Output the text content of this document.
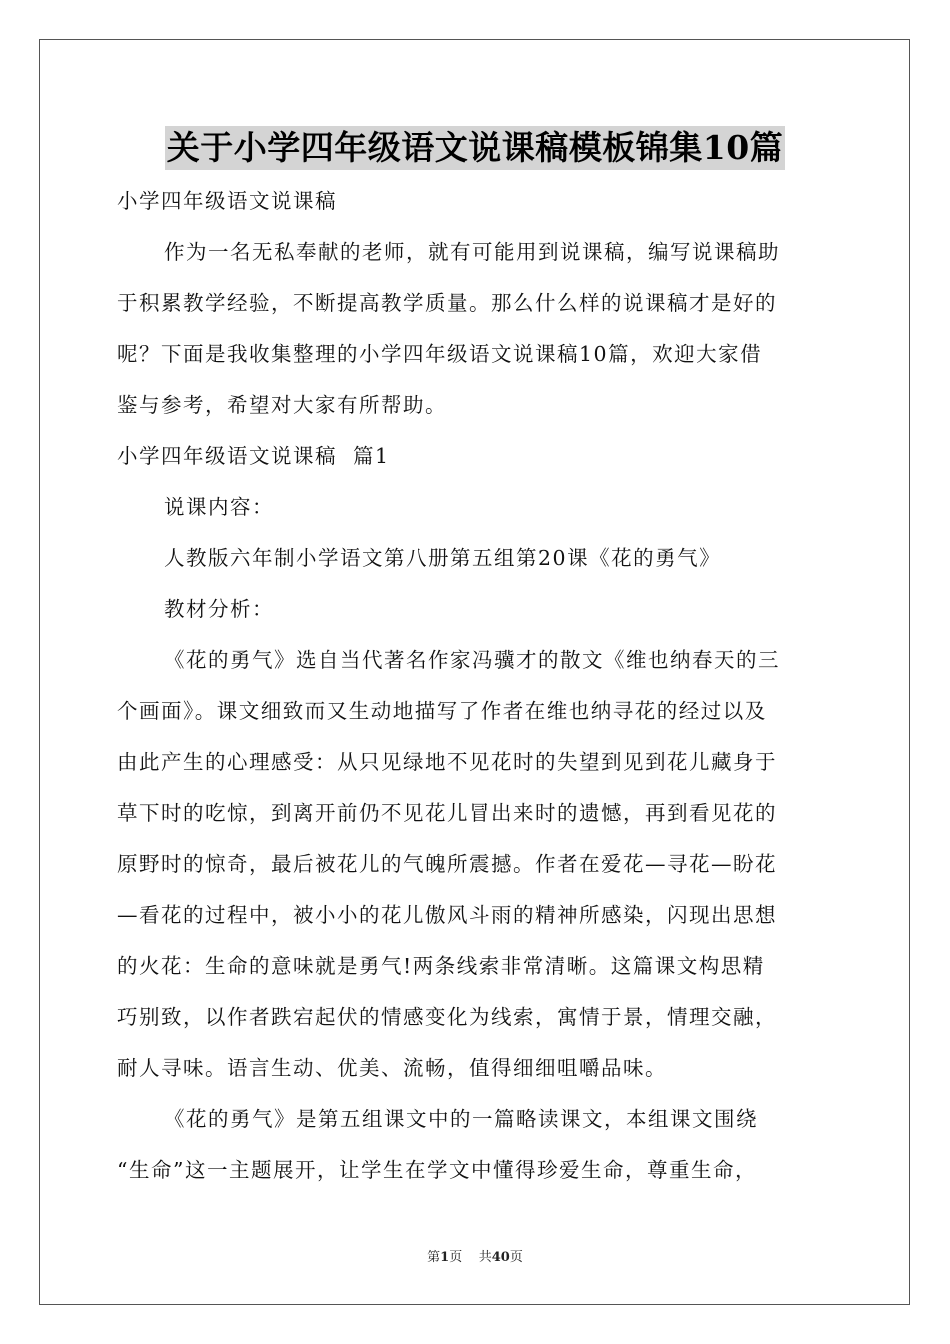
关于小学四年级语文说课稿模板锦集10篇
小学四年级语文说课稿
作为一名无私奉献的老师，就有可能用到说课稿，编写说课稿助
于积累教学经验，不断提高教学质量。那么什么样的说课稿才是好的
呢？下面是我收集整理的小学四年级语文说课稿10篇，欢迎大家借
鉴与参考，希望对大家有所帮助。
小学四年级语文说课稿  篇1
说课内容：
人教版六年制小学语文第八册第五组第20课《花的勇气》
教材分析：
《花的勇气》选自当代著名作家冯骥才的散文《维也纳春天的三
个画面》。课文细致而又生动地描写了作者在维也纳寻花的经过以及
由此产生的心理感受：从只见绿地不见花时的失望到见到花儿藏身于
草下时的吃惊，到离开前仍不见花儿冒出来时的遗憾，再到看见花的
原野时的惊奇，最后被花儿的气魄所震撼。作者在爱花—寻花—盼花
—看花的过程中，被小小的花儿傲风斗雨的精神所感染，闪现出思想
的火花：生命的意味就是勇气!两条线索非常清晰。这篇课文构思精
巧别致，以作者跌宕起伏的情感变化为线索，寓情于景，情理交融，
耐人寻味。语言生动、优美、流畅，值得细细咀嚼品味。
《花的勇气》是第五组课文中的一篇略读课文，本组课文围绕
“生命”这一主题展开，让学生在学文中懂得珍爱生命，尊重生命，
第1页 共40页
